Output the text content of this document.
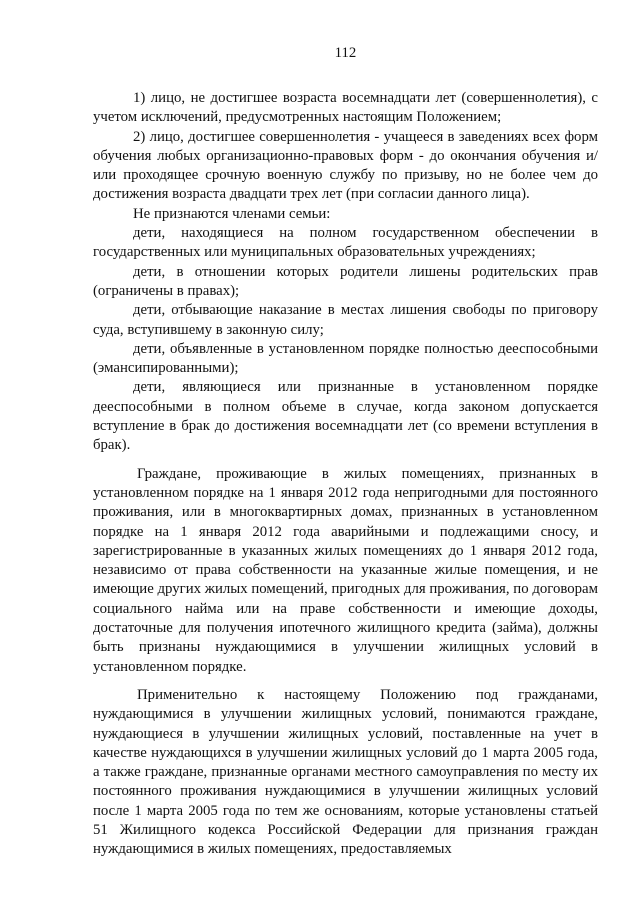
112

1) лицо, не достигшее возраста восемнадцати лет (совершеннолетия), с учетом исключений, предусмотренных настоящим Положением;

2) лицо, достигшее совершеннолетия - учащееся в заведениях всех форм обучения любых организационно-правовых форм - до окончания обучения и/или проходящее срочную военную службу по призыву, но не более чем до достижения возраста двадцати трех лет (при согласии данного лица).

Не признаются членами семьи:

дети, находящиеся на полном государственном обеспечении в государственных или муниципальных образовательных учреждениях;

дети, в отношении которых родители лишены родительских прав (ограничены в правах);

дети, отбывающие наказание в местах лишения свободы по приговору суда, вступившему в законную силу;

дети, объявленные в установленном порядке полностью дееспособными (эмансипированными);

дети, являющиеся или признанные в установленном порядке дееспособными в полном объеме в случае, когда законом допускается вступление в брак до достижения восемнадцати лет (со времени вступления в брак).

Граждане, проживающие в жилых помещениях, признанных в установленном порядке на 1 января 2012 года непригодными для постоянного проживания, или в многоквартирных домах, признанных в установленном порядке на 1 января 2012 года аварийными и подлежащими сносу, и зарегистрированные в указанных жилых помещениях до 1 января 2012 года, независимо от права собственности на указанные жилые помещения, и не имеющие других жилых помещений, пригодных для проживания, по договорам социального найма или на праве собственности и имеющие доходы, достаточные для получения ипотечного жилищного кредита (займа), должны быть признаны нуждающимися в улучшении жилищных условий в установленном порядке.

Применительно к настоящему Положению под гражданами, нуждающимися в улучшении жилищных условий, понимаются граждане, нуждающиеся в улучшении жилищных условий, поставленные на учет в качестве нуждающихся в улучшении жилищных условий до 1 марта 2005 года, а также граждане, признанные органами местного самоуправления по месту их постоянного проживания нуждающимися в улучшении жилищных условий после 1 марта 2005 года по тем же основаниям, которые установлены статьей 51 Жилищного кодекса Российской Федерации для признания граждан нуждающимися в жилых помещениях, предоставляемых
